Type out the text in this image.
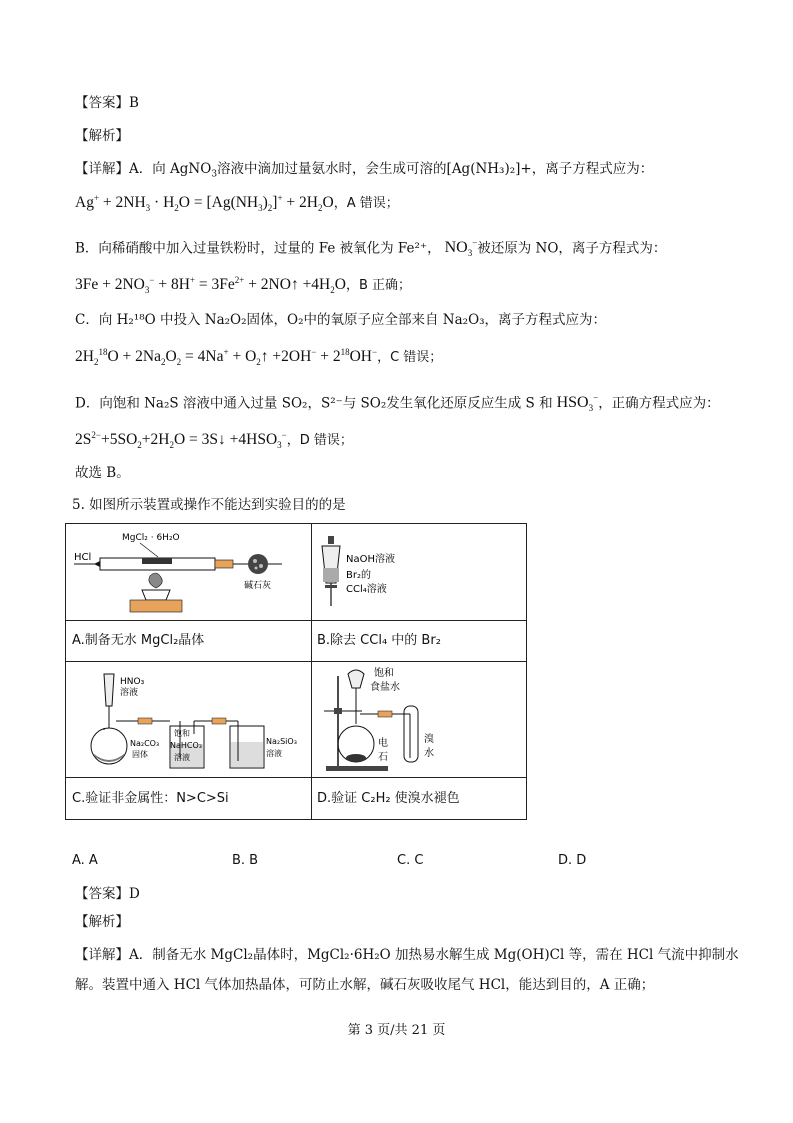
【答案】B
【解析】
【详解】A．向 AgNO$_3$溶液中滴加过量氨水时，会生成可溶的[Ag(NH₃)₂]+，离子方程式应为：
$Ag^+ + 2NH_3 \cdot H_2O = [Ag(NH_3)_2]^+ + 2H_2O$，A 错误；
B．向稀硝酸中加入过量铁粉时，过量的 Fe 被氧化为 Fe²⁺， $NO_3^-$被还原为 NO，离子方程式为：
$3Fe + 2NO_3^- + 8H^+ = 3Fe^{2+}$ + 2NO↑ $+4H_2O$，B 正确；
C．向 H₂¹⁸O 中投入 Na₂O₂固体，O₂中的氧原子应全部来自 Na₂O₃，离子方程式应为：
$2H_2^{18}O + 2Na_2O_2 = 4Na^+$ + $O_2↑ +2OH^- + 2^{18}OH^-$，C 错误；
D．向饱和 Na₂S 溶液中通入过量 SO₂，S²⁻与 SO₂发生氧化还原反应生成 S 和 $HSO_3^-$，正确方程式应为：
$2S^{2-}+5SO_2+2H_2O$ = 3S↓ $+4HSO_3^-$，D 错误；
故选 B。
5. 如图所示装置或操作不能达到实验目的的是
HCl
MgCl₂ · 6H₂O
碱石灰
A.制备无水 MgCl₂晶体
NaOH溶液
Br₂的
CCl₄溶液
B.除去 CCl₄ 中的 Br₂
HNO₃
溶液
Na₂CO₃
固体
饱和
NaHCO₃
溶液
Na₂SiO₃
溶液
C.验证非金属性：N>C>Si
饱和
食盐水
电
石
溴
水
D.验证 C₂H₂ 使溴水褪色
A. A	B. B	C. C	D. D
【答案】D
【解析】
【详解】A．制备无水 MgCl₂晶体时，MgCl₂·6H₂O 加热易水解生成 Mg(OH)Cl 等，需在 HCl 气流中抑制水
解。装置中通入 HCl 气体加热晶体，可防止水解，碱石灰吸收尾气 HCl，能达到目的，A 正确；
第 3 页/共 21 页
